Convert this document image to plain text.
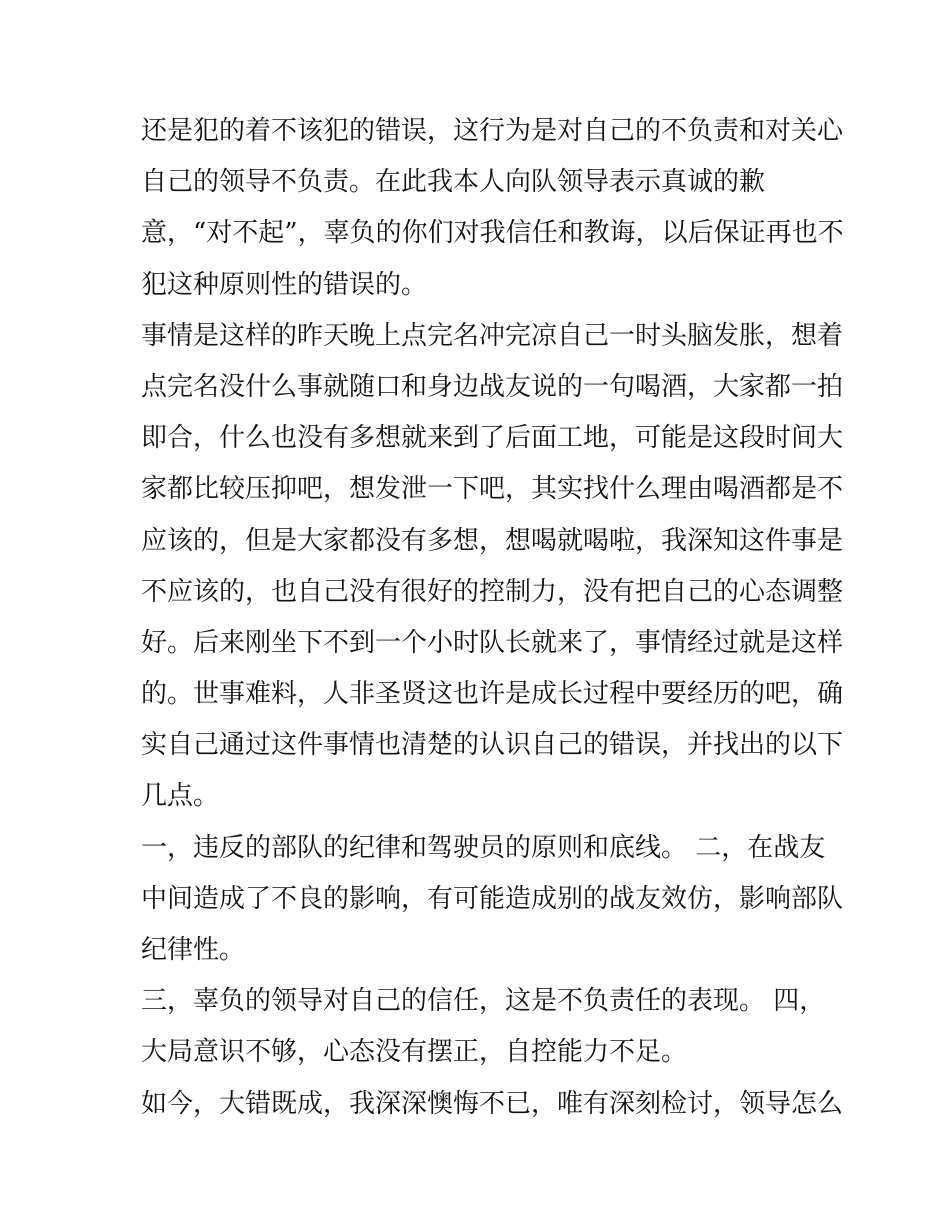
还是犯的着不该犯的错误，这行为是对自己的不负责和对关心
自己的领导不负责。在此我本人向队领导表示真诚的歉
意，“对不起”，辜负的你们对我信任和教诲，以后保证再也不
犯这种原则性的错误的。
事情是这样的昨天晚上点完名冲完凉自己一时头脑发胀，想着
点完名没什么事就随口和身边战友说的一句喝酒，大家都一拍
即合，什么也没有多想就来到了后面工地，可能是这段时间大
家都比较压抑吧，想发泄一下吧，其实找什么理由喝酒都是不
应该的，但是大家都没有多想，想喝就喝啦，我深知这件事是
不应该的，也自己没有很好的控制力，没有把自己的心态调整
好。后来刚坐下不到一个小时队长就来了，事情经过就是这样
的。世事难料，人非圣贤这也许是成长过程中要经历的吧，确
实自己通过这件事情也清楚的认识自己的错误，并找出的以下
几点。
一，违反的部队的纪律和驾驶员的原则和底线。 二，在战友
中间造成了不良的影响，有可能造成别的战友效仿，影响部队
纪律性。
三，辜负的领导对自己的信任，这是不负责任的表现。 四，
大局意识不够，心态没有摆正，自控能力不足。
如今，大错既成，我深深懊悔不已，唯有深刻检讨，领导怎么
